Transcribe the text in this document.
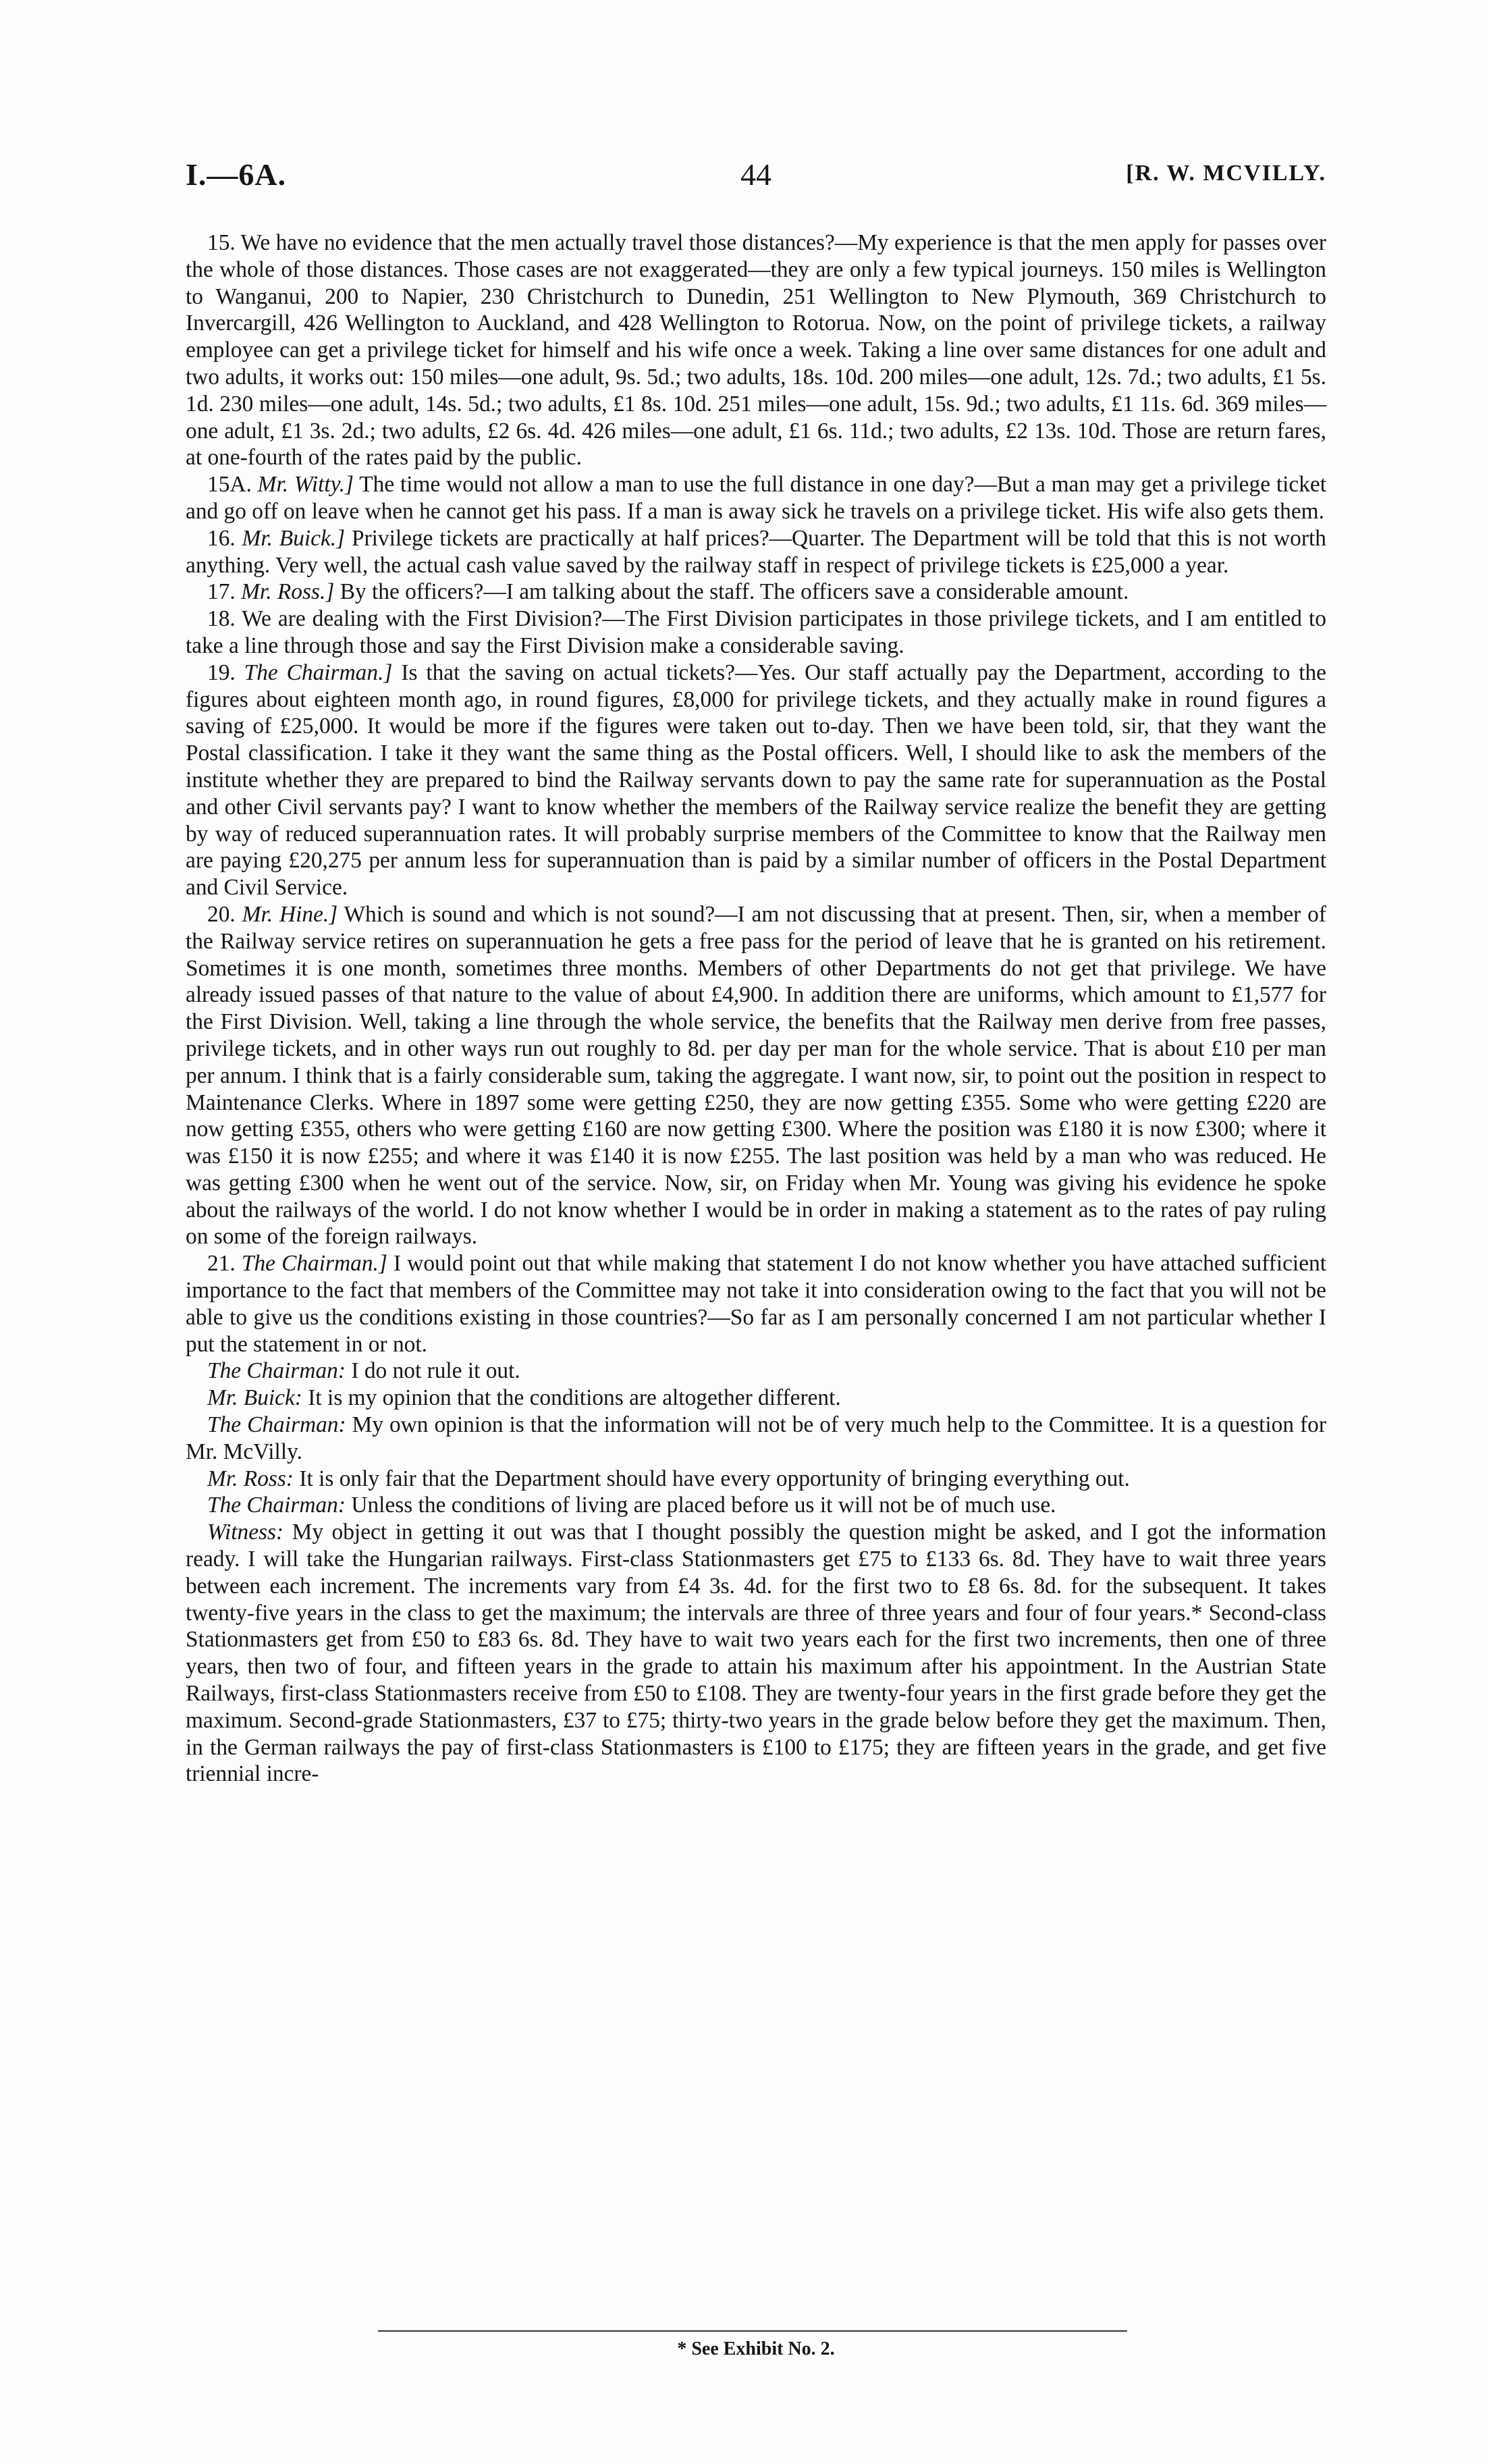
I.—6A.	44	[R. W. MCVILLY.

15. We have no evidence that the men actually travel those distances?—My experience is that the men apply for passes over the whole of those distances. Those cases are not exaggerated—they are only a few typical journeys. 150 miles is Wellington to Wanganui, 200 to Napier, 230 Christchurch to Dunedin, 251 Wellington to New Plymouth, 369 Christchurch to Invercargill, 426 Wellington to Auckland, and 428 Wellington to Rotorua. Now, on the point of privilege tickets, a railway employee can get a privilege ticket for himself and his wife once a week. Taking a line over same distances for one adult and two adults, it works out: 150 miles—one adult, 9s. 5d.; two adults, 18s. 10d. 200 miles—one adult, 12s. 7d.; two adults, £1 5s. 1d. 230 miles—one adult, 14s. 5d.; two adults, £1 8s. 10d. 251 miles—one adult, 15s. 9d.; two adults, £1 11s. 6d. 369 miles—one adult, £1 3s. 2d.; two adults, £2 6s. 4d. 426 miles—one adult, £1 6s. 11d.; two adults, £2 13s. 10d. Those are return fares, at one-fourth of the rates paid by the public.

15A. Mr. Witty.] The time would not allow a man to use the full distance in one day?—But a man may get a privilege ticket and go off on leave when he cannot get his pass. If a man is away sick he travels on a privilege ticket. His wife also gets them.

16. Mr. Buick.] Privilege tickets are practically at half prices?—Quarter. The Department will be told that this is not worth anything. Very well, the actual cash value saved by the railway staff in respect of privilege tickets is £25,000 a year.

17. Mr. Ross.] By the officers?—I am talking about the staff. The officers save a considerable amount.

18. We are dealing with the First Division?—The First Division participates in those privilege tickets, and I am entitled to take a line through those and say the First Division make a considerable saving.

19. The Chairman.] Is that the saving on actual tickets?—Yes. Our staff actually pay the Department, according to the figures about eighteen month ago, in round figures, £8,000 for privilege tickets, and they actually make in round figures a saving of £25,000. It would be more if the figures were taken out to-day. Then we have been told, sir, that they want the Postal classification. I take it they want the same thing as the Postal officers. Well, I should like to ask the members of the institute whether they are prepared to bind the Railway servants down to pay the same rate for superannuation as the Postal and other Civil servants pay? I want to know whether the members of the Railway service realize the benefit they are getting by way of reduced superannuation rates. It will probably surprise members of the Committee to know that the Railway men are paying £20,275 per annum less for superannuation than is paid by a similar number of officers in the Postal Department and Civil Service.

20. Mr. Hine.] Which is sound and which is not sound?—I am not discussing that at present. Then, sir, when a member of the Railway service retires on superannuation he gets a free pass for the period of leave that he is granted on his retirement. Sometimes it is one month, sometimes three months. Members of other Departments do not get that privilege. We have already issued passes of that nature to the value of about £4,900. In addition there are uniforms, which amount to £1,577 for the First Division. Well, taking a line through the whole service, the benefits that the Railway men derive from free passes, privilege tickets, and in other ways run out roughly to 8d. per day per man for the whole service. That is about £10 per man per annum. I think that is a fairly considerable sum, taking the aggregate. I want now, sir, to point out the position in respect to Maintenance Clerks. Where in 1897 some were getting £250, they are now getting £355. Some who were getting £220 are now getting £355, others who were getting £160 are now getting £300. Where the position was £180 it is now £300; where it was £150 it is now £255; and where it was £140 it is now £255. The last position was held by a man who was reduced. He was getting £300 when he went out of the service. Now, sir, on Friday when Mr. Young was giving his evidence he spoke about the railways of the world. I do not know whether I would be in order in making a statement as to the rates of pay ruling on some of the foreign railways.

21. The Chairman.] I would point out that while making that statement I do not know whether you have attached sufficient importance to the fact that members of the Committee may not take it into consideration owing to the fact that you will not be able to give us the conditions existing in those countries?—So far as I am personally concerned I am not particular whether I put the statement in or not.

The Chairman: I do not rule it out.

Mr. Buick: It is my opinion that the conditions are altogether different.

The Chairman: My own opinion is that the information will not be of very much help to the Committee. It is a question for Mr. McVilly.

Mr. Ross: It is only fair that the Department should have every opportunity of bringing everything out.

The Chairman: Unless the conditions of living are placed before us it will not be of much use.

Witness: My object in getting it out was that I thought possibly the question might be asked, and I got the information ready. I will take the Hungarian railways. First-class Stationmasters get £75 to £133 6s. 8d. They have to wait three years between each increment. The increments vary from £4 3s. 4d. for the first two to £8 6s. 8d. for the subsequent. It takes twenty-five years in the class to get the maximum; the intervals are three of three years and four of four years.* Second-class Stationmasters get from £50 to £83 6s. 8d. They have to wait two years each for the first two increments, then one of three years, then two of four, and fifteen years in the grade to attain his maximum after his appointment. In the Austrian State Railways, first-class Stationmasters receive from £50 to £108. They are twenty-four years in the first grade before they get the maximum. Second-grade Stationmasters, £37 to £75; thirty-two years in the grade below before they get the maximum. Then, in the German railways the pay of first-class Stationmasters is £100 to £175; they are fifteen years in the grade, and get five triennial incre-

* See Exhibit No. 2.
